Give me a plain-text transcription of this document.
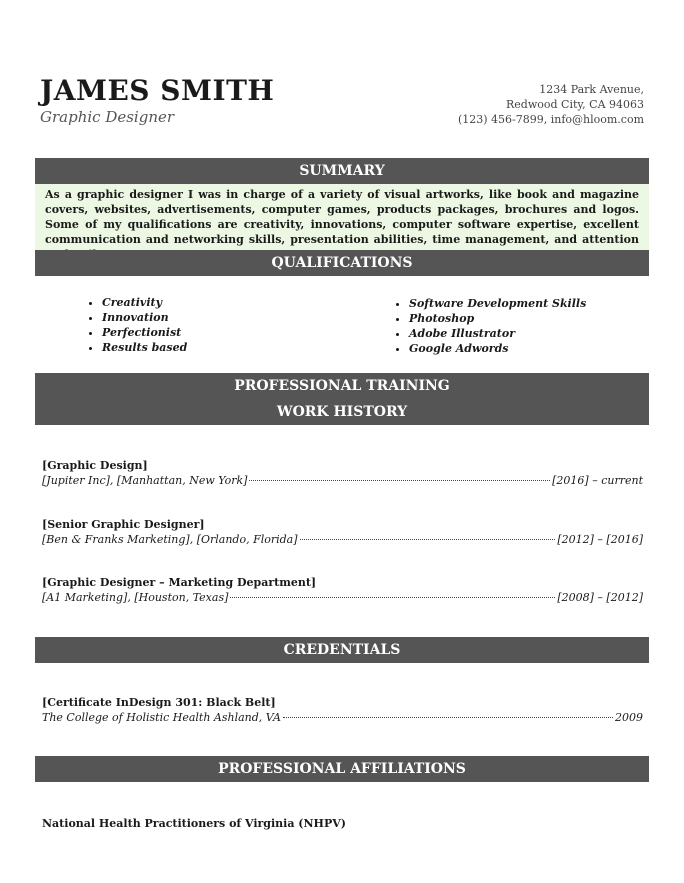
JAMES SMITH
Graphic Designer
1234 Park Avenue,
Redwood City, CA 94063
(123) 456-7899, info@hloom.com
SUMMARY
As a graphic designer I was in charge of a variety of visual artworks, like book and magazine covers, websites, advertisements, computer games, products packages, brochures and logos. Some of my qualifications are creativity, innovations, computer software expertise, excellent communication and networking skills, presentation abilities, time management, and attention
QUALIFICATIONS
• Creativity
• Innovation
• Perfectionist
• Results based
• Software Development Skills
• Photoshop
• Adobe Illustrator
• Google Adwords
PROFESSIONAL TRAINING
WORK HISTORY
[Graphic Design]
[Jupiter Inc], [Manhattan, New York]	[2016] – current
[Senior Graphic Designer]
[Ben & Franks Marketing], [Orlando, Florida]	[2012] – [2016]
[Graphic Designer – Marketing Department]
[A1 Marketing], [Houston, Texas]	[2008] – [2012]
CREDENTIALS
[Certificate InDesign 301: Black Belt]
The College of Holistic Health Ashland, VA	2009
PROFESSIONAL AFFILIATIONS
National Health Practitioners of Virginia (NHPV)
